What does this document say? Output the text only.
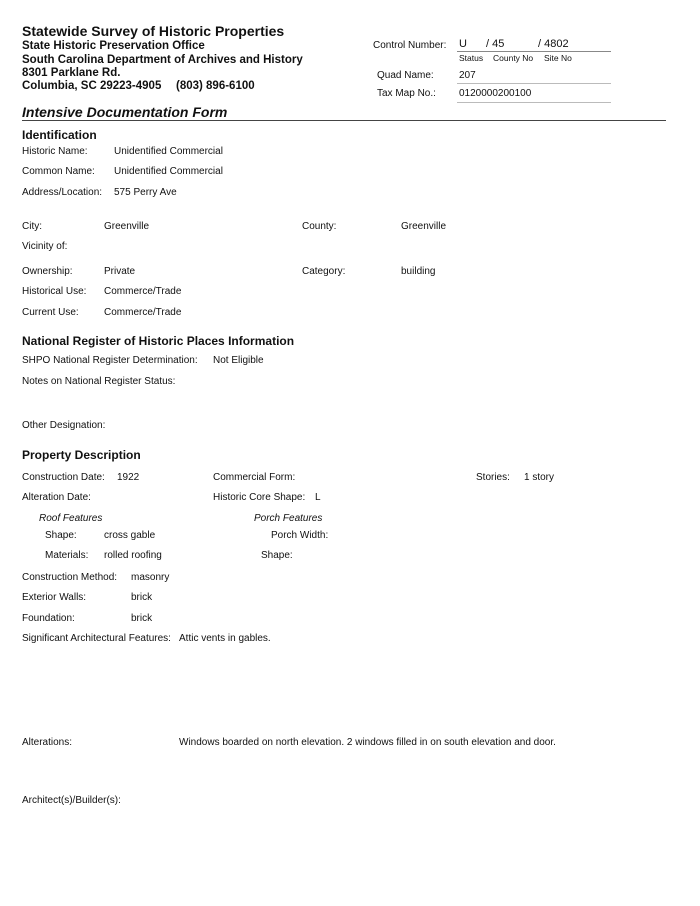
Statewide Survey of Historic Properties
State Historic Preservation Office
South Carolina Department of Archives and History
8301 Parklane Rd.
Columbia, SC 29223-4905 (803) 896-6100
Control Number: U / 45	/ 4802
Status County No Site No
Quad Name:	207
Tax Map No.: 0120000200100
Intensive Documentation Form
Identification
Historic Name:	Unidentified Commercial
Common Name: Unidentified Commercial
Address/Location: 575 Perry Ave
City:	Greenville	County:	Greenville
Vicinity of:
Ownership:	Private	Category:	building
Historical Use: Commerce/Trade
Current Use:	Commerce/Trade
National Register of Historic Places Information
SHPO National Register Determination: Not Eligible
Notes on National Register Status:
Other Designation:
Property Description
Construction Date: 1922	Commercial Form:	Stories: 1 story
Alteration Date:	Historic Core Shape: L
Roof Features	Porch Features
Shape:	cross gable	Porch Width:
Materials: rolled roofing	Shape:
Construction Method: masonry
Exterior Walls:	brick
Foundation:	brick
Significant Architectural Features: Attic vents in gables.
Alterations:	Windows boarded on north elevation. 2 windows filled in on south elevation and door.
Architect(s)/Builder(s):
